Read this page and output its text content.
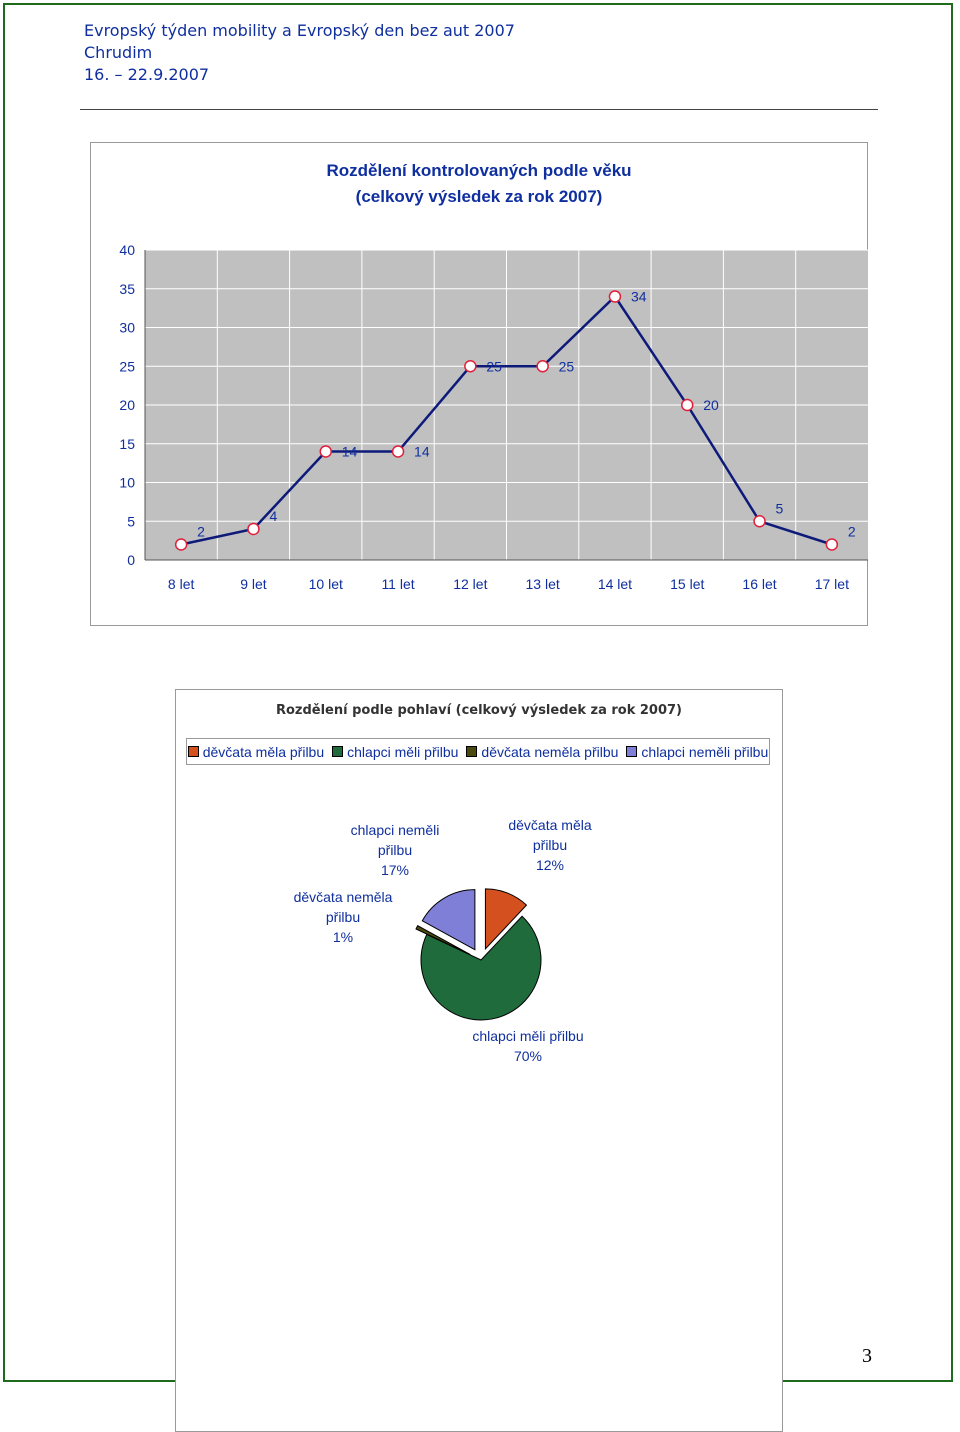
Evropský týden mobility a Evropský den bez aut 2007
Chrudim
16. – 22.9.2007
Rozdělení kontrolovaných podle věku
(celkový výsledek za rok 2007)
0
5
10
15
20
25
30
35
40
8 let	9 let	10 let	11 let	12 let	13 let	14 let	15 let	16 let	17 let
2
4
14	14
25	25
34
20
5
2
Rozdělení podle pohlaví (celkový výsledek za rok 2007)
děvčata měla přilbu chlapci měli přilbu děvčata neměla přilbu chlapci neměli přilbu
chlapci neměli
přilbu
17%
děvčata měla
přilbu
12%
děvčata neměla
přilbu
1%
chlapci měli přilbu
70%
3
